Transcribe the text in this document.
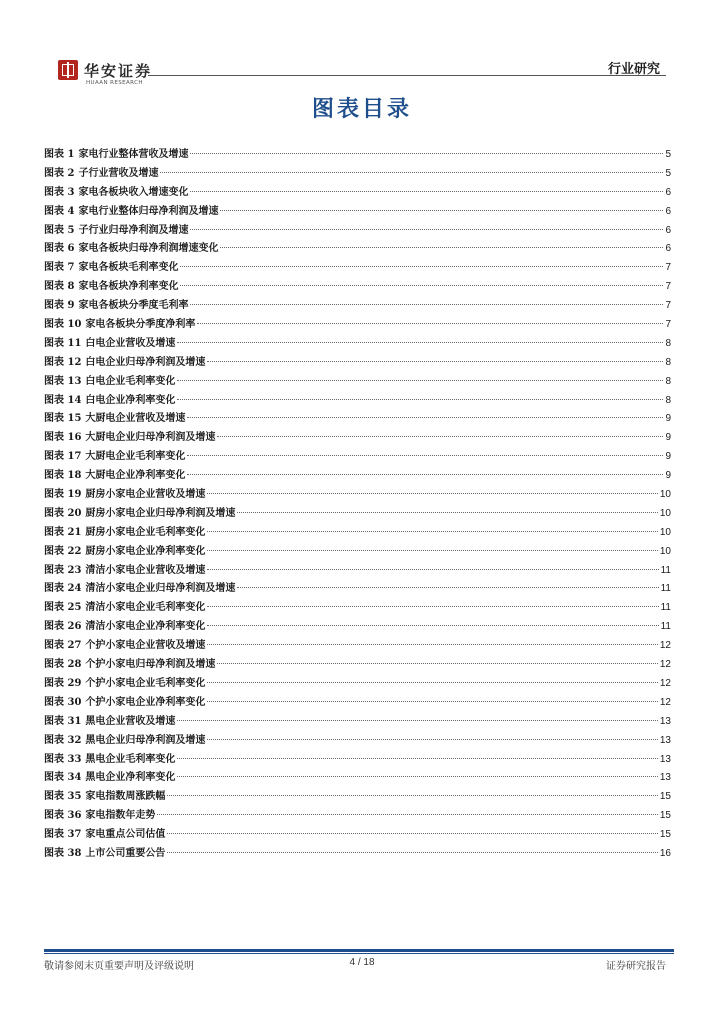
华安证券
HUAAN RESEARCH
行业研究
图表目录
图表 1 家电行业整体营收及增速	5
图表 2 子行业营收及增速	5
图表 3 家电各板块收入增速变化	6
图表 4 家电行业整体归母净利润及增速	6
图表 5 子行业归母净利润及增速	6
图表 6 家电各板块归母净利润增速变化	6
图表 7 家电各板块毛利率变化	7
图表 8 家电各板块净利率变化	7
图表 9 家电各板块分季度毛利率	7
图表 10 家电各板块分季度净利率	7
图表 11 白电企业营收及增速	8
图表 12 白电企业归母净利润及增速	8
图表 13 白电企业毛利率变化	8
图表 14 白电企业净利率变化	8
图表 15 大厨电企业营收及增速	9
图表 16 大厨电企业归母净利润及增速	9
图表 17 大厨电企业毛利率变化	9
图表 18 大厨电企业净利率变化	9
图表 19 厨房小家电企业营收及增速	10
图表 20 厨房小家电企业归母净利润及增速	10
图表 21 厨房小家电企业毛利率变化	10
图表 22 厨房小家电企业净利率变化	10
图表 23 清洁小家电企业营收及增速	11
图表 24 清洁小家电企业归母净利润及增速	11
图表 25 清洁小家电企业毛利率变化	11
图表 26 清洁小家电企业净利率变化	11
图表 27 个护小家电企业营收及增速	12
图表 28 个护小家电归母净利润及增速	12
图表 29 个护小家电企业毛利率变化	12
图表 30 个护小家电企业净利率变化	12
图表 31 黑电企业营收及增速	13
图表 32 黑电企业归母净利润及增速	13
图表 33 黑电企业毛利率变化	13
图表 34 黑电企业净利率变化	13
图表 35 家电指数周涨跌幅	15
图表 36 家电指数年走势	15
图表 37 家电重点公司估值	15
图表 38 上市公司重要公告	16
敬请参阅末页重要声明及评级说明	4 / 18	证券研究报告
